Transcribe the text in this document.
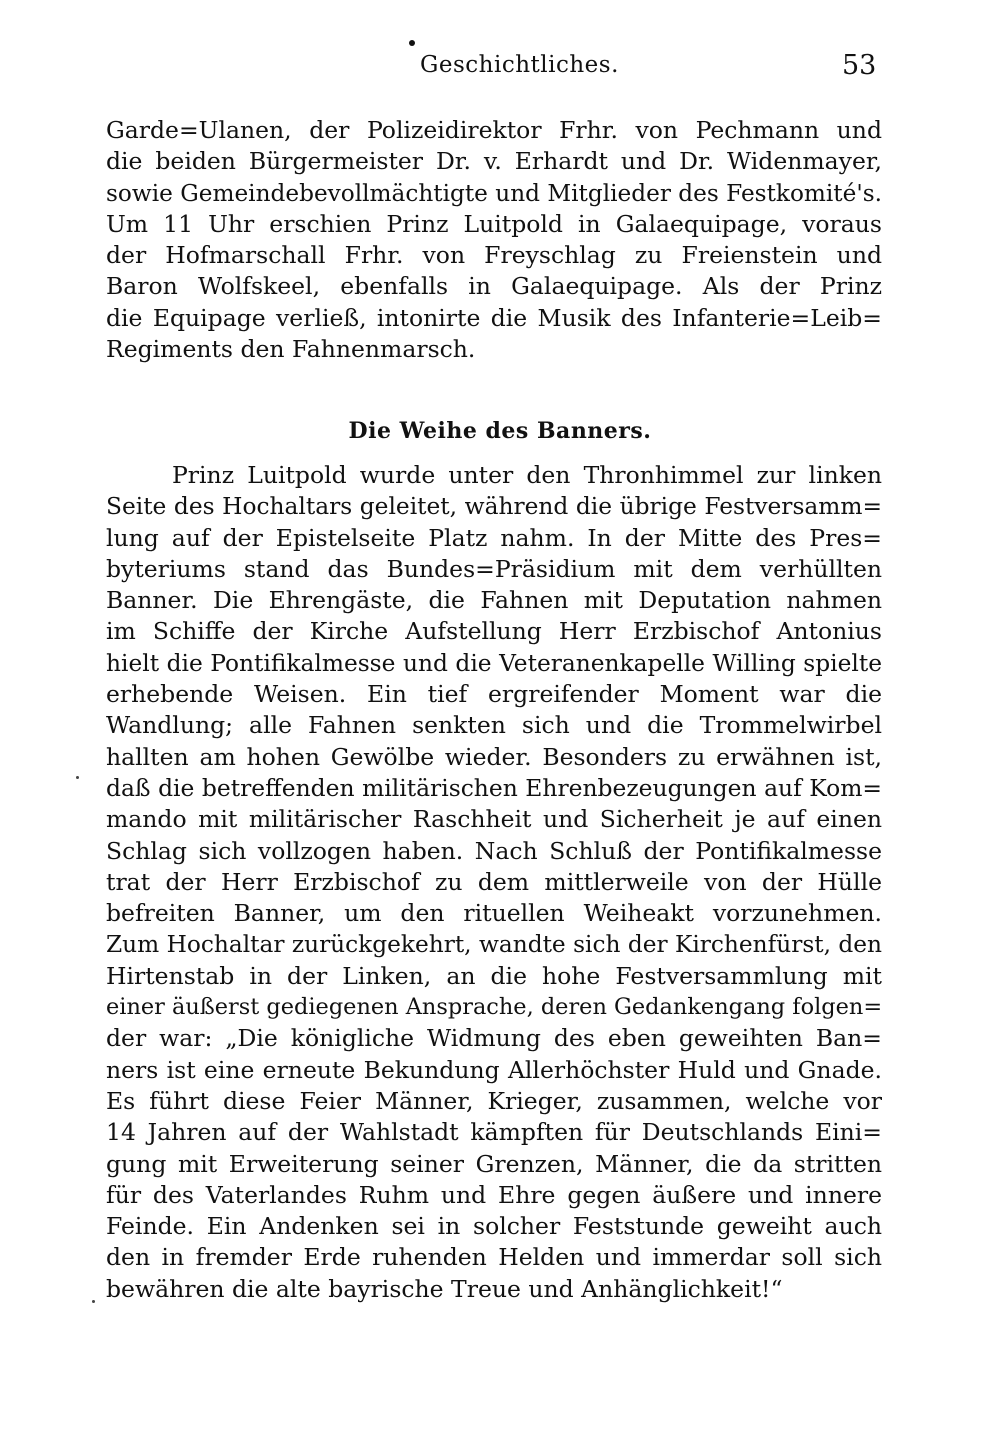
Geschichtliches.	53
Garde=Ulanen, der Polizeidirektor Frhr. von Pechmann und
die beiden Bürgermeister Dr. v. Erhardt und Dr. Widenmayer,
sowie Gemeindebevollmächtigte und Mitglieder des Festkomité's.
Um 11 Uhr erschien Prinz Luitpold in Galaequipage, voraus
der Hofmarschall Frhr. von Freyschlag zu Freienstein und
Baron Wolfskeel, ebenfalls in Galaequipage. Als der Prinz
die Equipage verließ, intonirte die Musik des Infanterie=Leib=
Regiments den Fahnenmarsch.
Die Weihe des Banners.
Prinz Luitpold wurde unter den Thronhimmel zur linken
Seite des Hochaltars geleitet, während die übrige Festversamm=
lung auf der Epistelseite Platz nahm. In der Mitte des Pres=
byteriums stand das Bundes=Präsidium mit dem verhüllten
Banner. Die Ehrengäste, die Fahnen mit Deputation nahmen
im Schiffe der Kirche Aufstellung Herr Erzbischof Antonius
hielt die Pontifikalmesse und die Veteranenkapelle Willing spielte
erhebende Weisen. Ein tief ergreifender Moment war die
Wandlung; alle Fahnen senkten sich und die Trommelwirbel
hallten am hohen Gewölbe wieder. Besonders zu erwähnen ist,
daß die betreffenden militärischen Ehrenbezeugungen auf Kom=
mando mit militärischer Raschheit und Sicherheit je auf einen
Schlag sich vollzogen haben. Nach Schluß der Pontifikalmesse
trat der Herr Erzbischof zu dem mittlerweile von der Hülle
befreiten Banner, um den rituellen Weiheakt vorzunehmen.
Zum Hochaltar zurückgekehrt, wandte sich der Kirchenfürst, den
Hirtenstab in der Linken, an die hohe Festversammlung mit
einer äußerst gediegenen Ansprache, deren Gedankengang folgen=
der war: „Die königliche Widmung des eben geweihten Ban=
ners ist eine erneute Bekundung Allerhöchster Huld und Gnade.
Es führt diese Feier Männer, Krieger, zusammen, welche vor
14 Jahren auf der Wahlstadt kämpften für Deutschlands Eini=
gung mit Erweiterung seiner Grenzen, Männer, die da stritten
für des Vaterlandes Ruhm und Ehre gegen äußere und innere
Feinde. Ein Andenken sei in solcher Feststunde geweiht auch
den in fremder Erde ruhenden Helden und immerdar soll sich
bewähren die alte bayrische Treue und Anhänglichkeit!“
